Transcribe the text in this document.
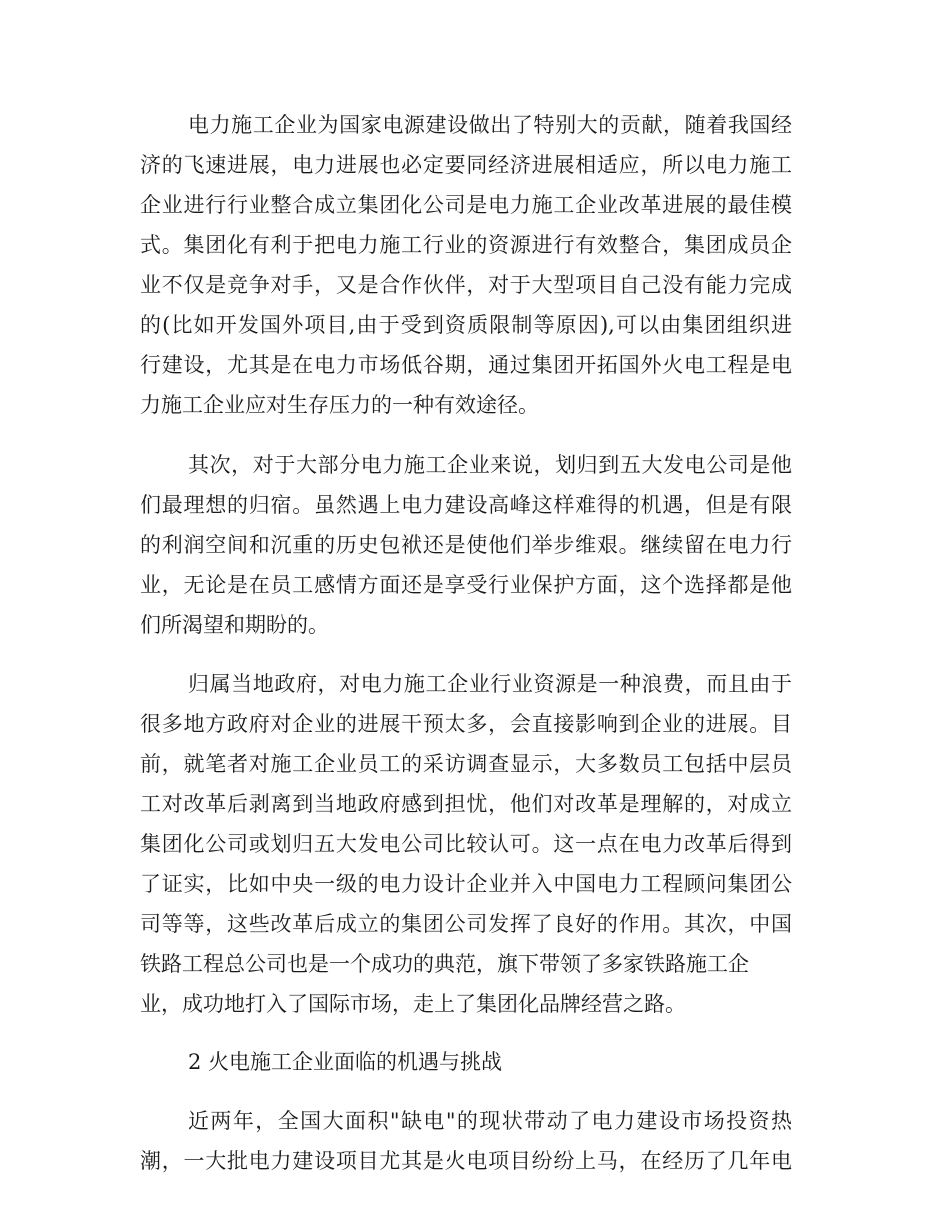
电力施工企业为国家电源建设做出了特别大的贡献，随着我国经
济的飞速进展，电力进展也必定要同经济进展相适应，所以电力施工
企业进行行业整合成立集团化公司是电力施工企业改革进展的最佳模
式。集团化有利于把电力施工行业的资源进行有效整合，集团成员企
业不仅是竞争对手，又是合作伙伴，对于大型项目自己没有能力完成
的(比如开发国外项目,由于受到资质限制等原因),可以由集团组织进
行建设，尤其是在电力市场低谷期，通过集团开拓国外火电工程是电
力施工企业应对生存压力的一种有效途径。
其次，对于大部分电力施工企业来说，划归到五大发电公司是他
们最理想的归宿。虽然遇上电力建设高峰这样难得的机遇，但是有限
的利润空间和沉重的历史包袱还是使他们举步维艰。继续留在电力行
业，无论是在员工感情方面还是享受行业保护方面，这个选择都是他
们所渴望和期盼的。
归属当地政府，对电力施工企业行业资源是一种浪费，而且由于
很多地方政府对企业的进展干预太多，会直接影响到企业的进展。目
前，就笔者对施工企业员工的采访调查显示，大多数员工包括中层员
工对改革后剥离到当地政府感到担忧，他们对改革是理解的，对成立
集团化公司或划归五大发电公司比较认可。这一点在电力改革后得到
了证实，比如中央一级的电力设计企业并入中国电力工程顾问集团公
司等等，这些改革后成立的集团公司发挥了良好的作用。其次，中国
铁路工程总公司也是一个成功的典范，旗下带领了多家铁路施工企
业，成功地打入了国际市场，走上了集团化品牌经营之路。
2 火电施工企业面临的机遇与挑战
近两年，全国大面积"缺电"的现状带动了电力建设市场投资热
潮，一大批电力建设项目尤其是火电项目纷纷上马，在经历了几年电
